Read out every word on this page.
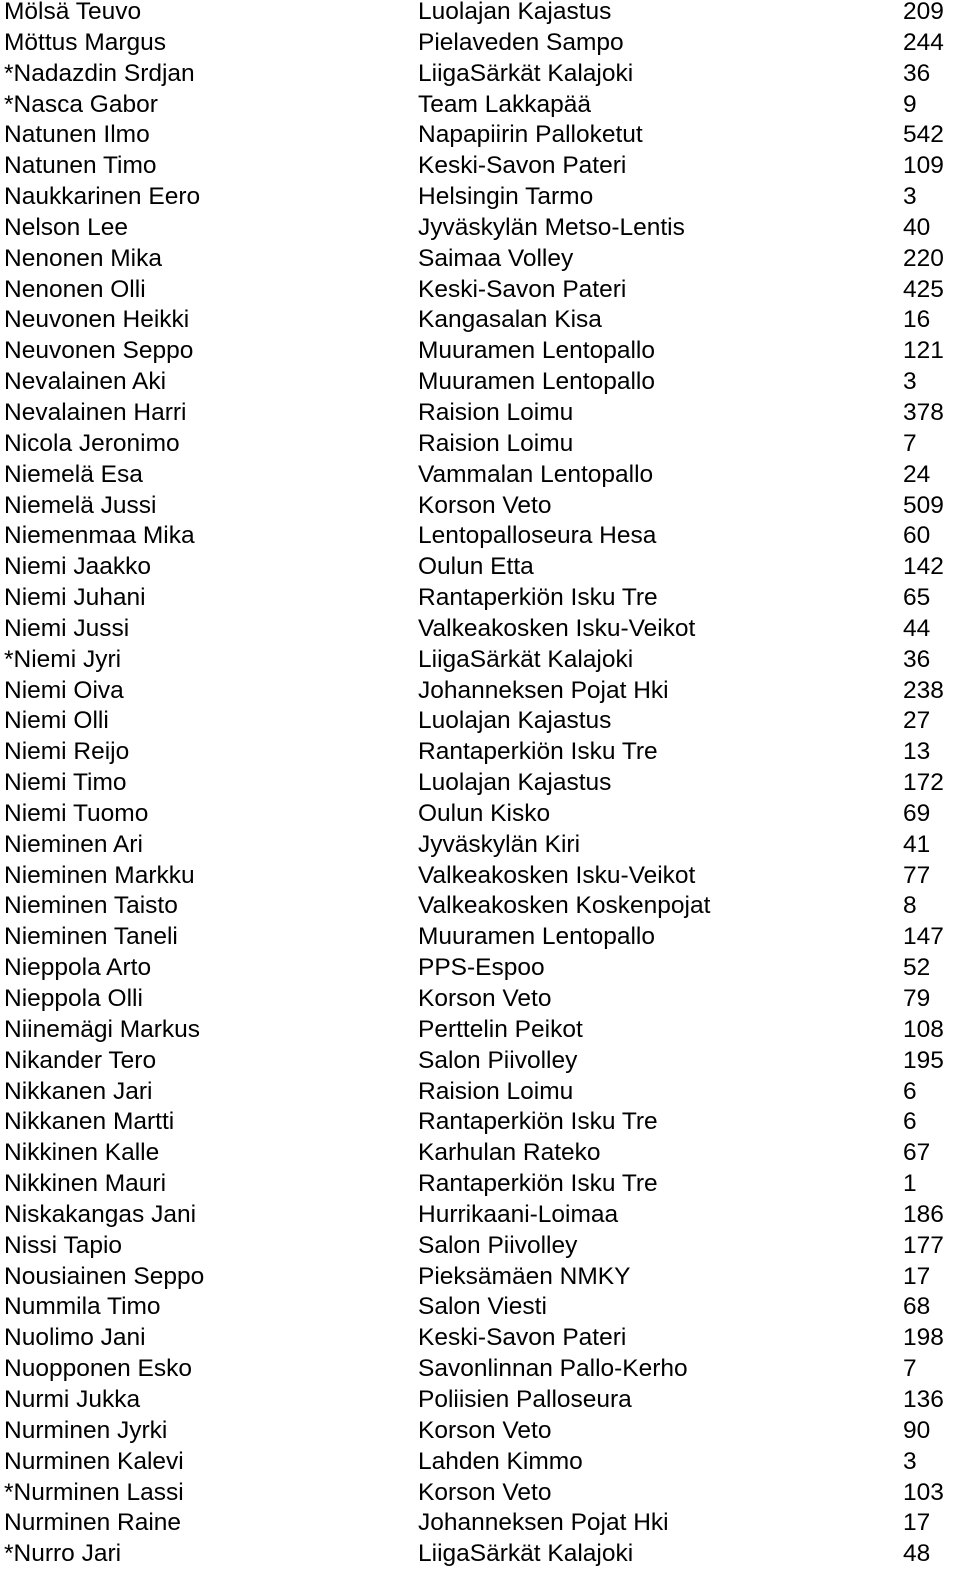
Mölsä Teuvo	Luolajan Kajastus	209
Möttus Margus	Pielaveden Sampo	244
*Nadazdin Srdjan	LiigaSärkät Kalajoki	36
*Nasca Gabor	Team Lakkapää	9
Natunen Ilmo	Napapiirin Palloketut	542
Natunen Timo	Keski-Savon Pateri	109
Naukkarinen Eero	Helsingin Tarmo	3
Nelson Lee	Jyväskylän Metso-Lentis	40
Nenonen Mika	Saimaa Volley	220
Nenonen Olli	Keski-Savon Pateri	425
Neuvonen Heikki	Kangasalan Kisa	16
Neuvonen Seppo	Muuramen Lentopallo	121
Nevalainen Aki	Muuramen Lentopallo	3
Nevalainen Harri	Raision Loimu	378
Nicola Jeronimo	Raision Loimu	7
Niemelä Esa	Vammalan Lentopallo	24
Niemelä Jussi	Korson Veto	509
Niemenmaa Mika	Lentopalloseura Hesa	60
Niemi Jaakko	Oulun Etta	142
Niemi Juhani	Rantaperkiön Isku Tre	65
Niemi Jussi	Valkeakosken Isku-Veikot	44
*Niemi Jyri	LiigaSärkät Kalajoki	36
Niemi Oiva	Johanneksen Pojat Hki	238
Niemi Olli	Luolajan Kajastus	27
Niemi Reijo	Rantaperkiön Isku Tre	13
Niemi Timo	Luolajan Kajastus	172
Niemi Tuomo	Oulun Kisko	69
Nieminen Ari	Jyväskylän Kiri	41
Nieminen Markku	Valkeakosken Isku-Veikot	77
Nieminen Taisto	Valkeakosken Koskenpojat	8
Nieminen Taneli	Muuramen Lentopallo	147
Nieppola Arto	PPS-Espoo	52
Nieppola Olli	Korson Veto	79
Niinemägi Markus	Perttelin Peikot	108
Nikander Tero	Salon Piivolley	195
Nikkanen Jari	Raision Loimu	6
Nikkanen Martti	Rantaperkiön Isku Tre	6
Nikkinen Kalle	Karhulan Rateko	67
Nikkinen Mauri	Rantaperkiön Isku Tre	1
Niskakangas Jani	Hurrikaani-Loimaa	186
Nissi Tapio	Salon Piivolley	177
Nousiainen Seppo	Pieksämäen NMKY	17
Nummila Timo	Salon Viesti	68
Nuolimo Jani	Keski-Savon Pateri	198
Nuopponen Esko	Savonlinnan Pallo-Kerho	7
Nurmi Jukka	Poliisien Palloseura	136
Nurminen Jyrki	Korson Veto	90
Nurminen Kalevi	Lahden Kimmo	3
*Nurminen Lassi	Korson Veto	103
Nurminen Raine	Johanneksen Pojat Hki	17
*Nurro Jari	LiigaSärkät Kalajoki	48
